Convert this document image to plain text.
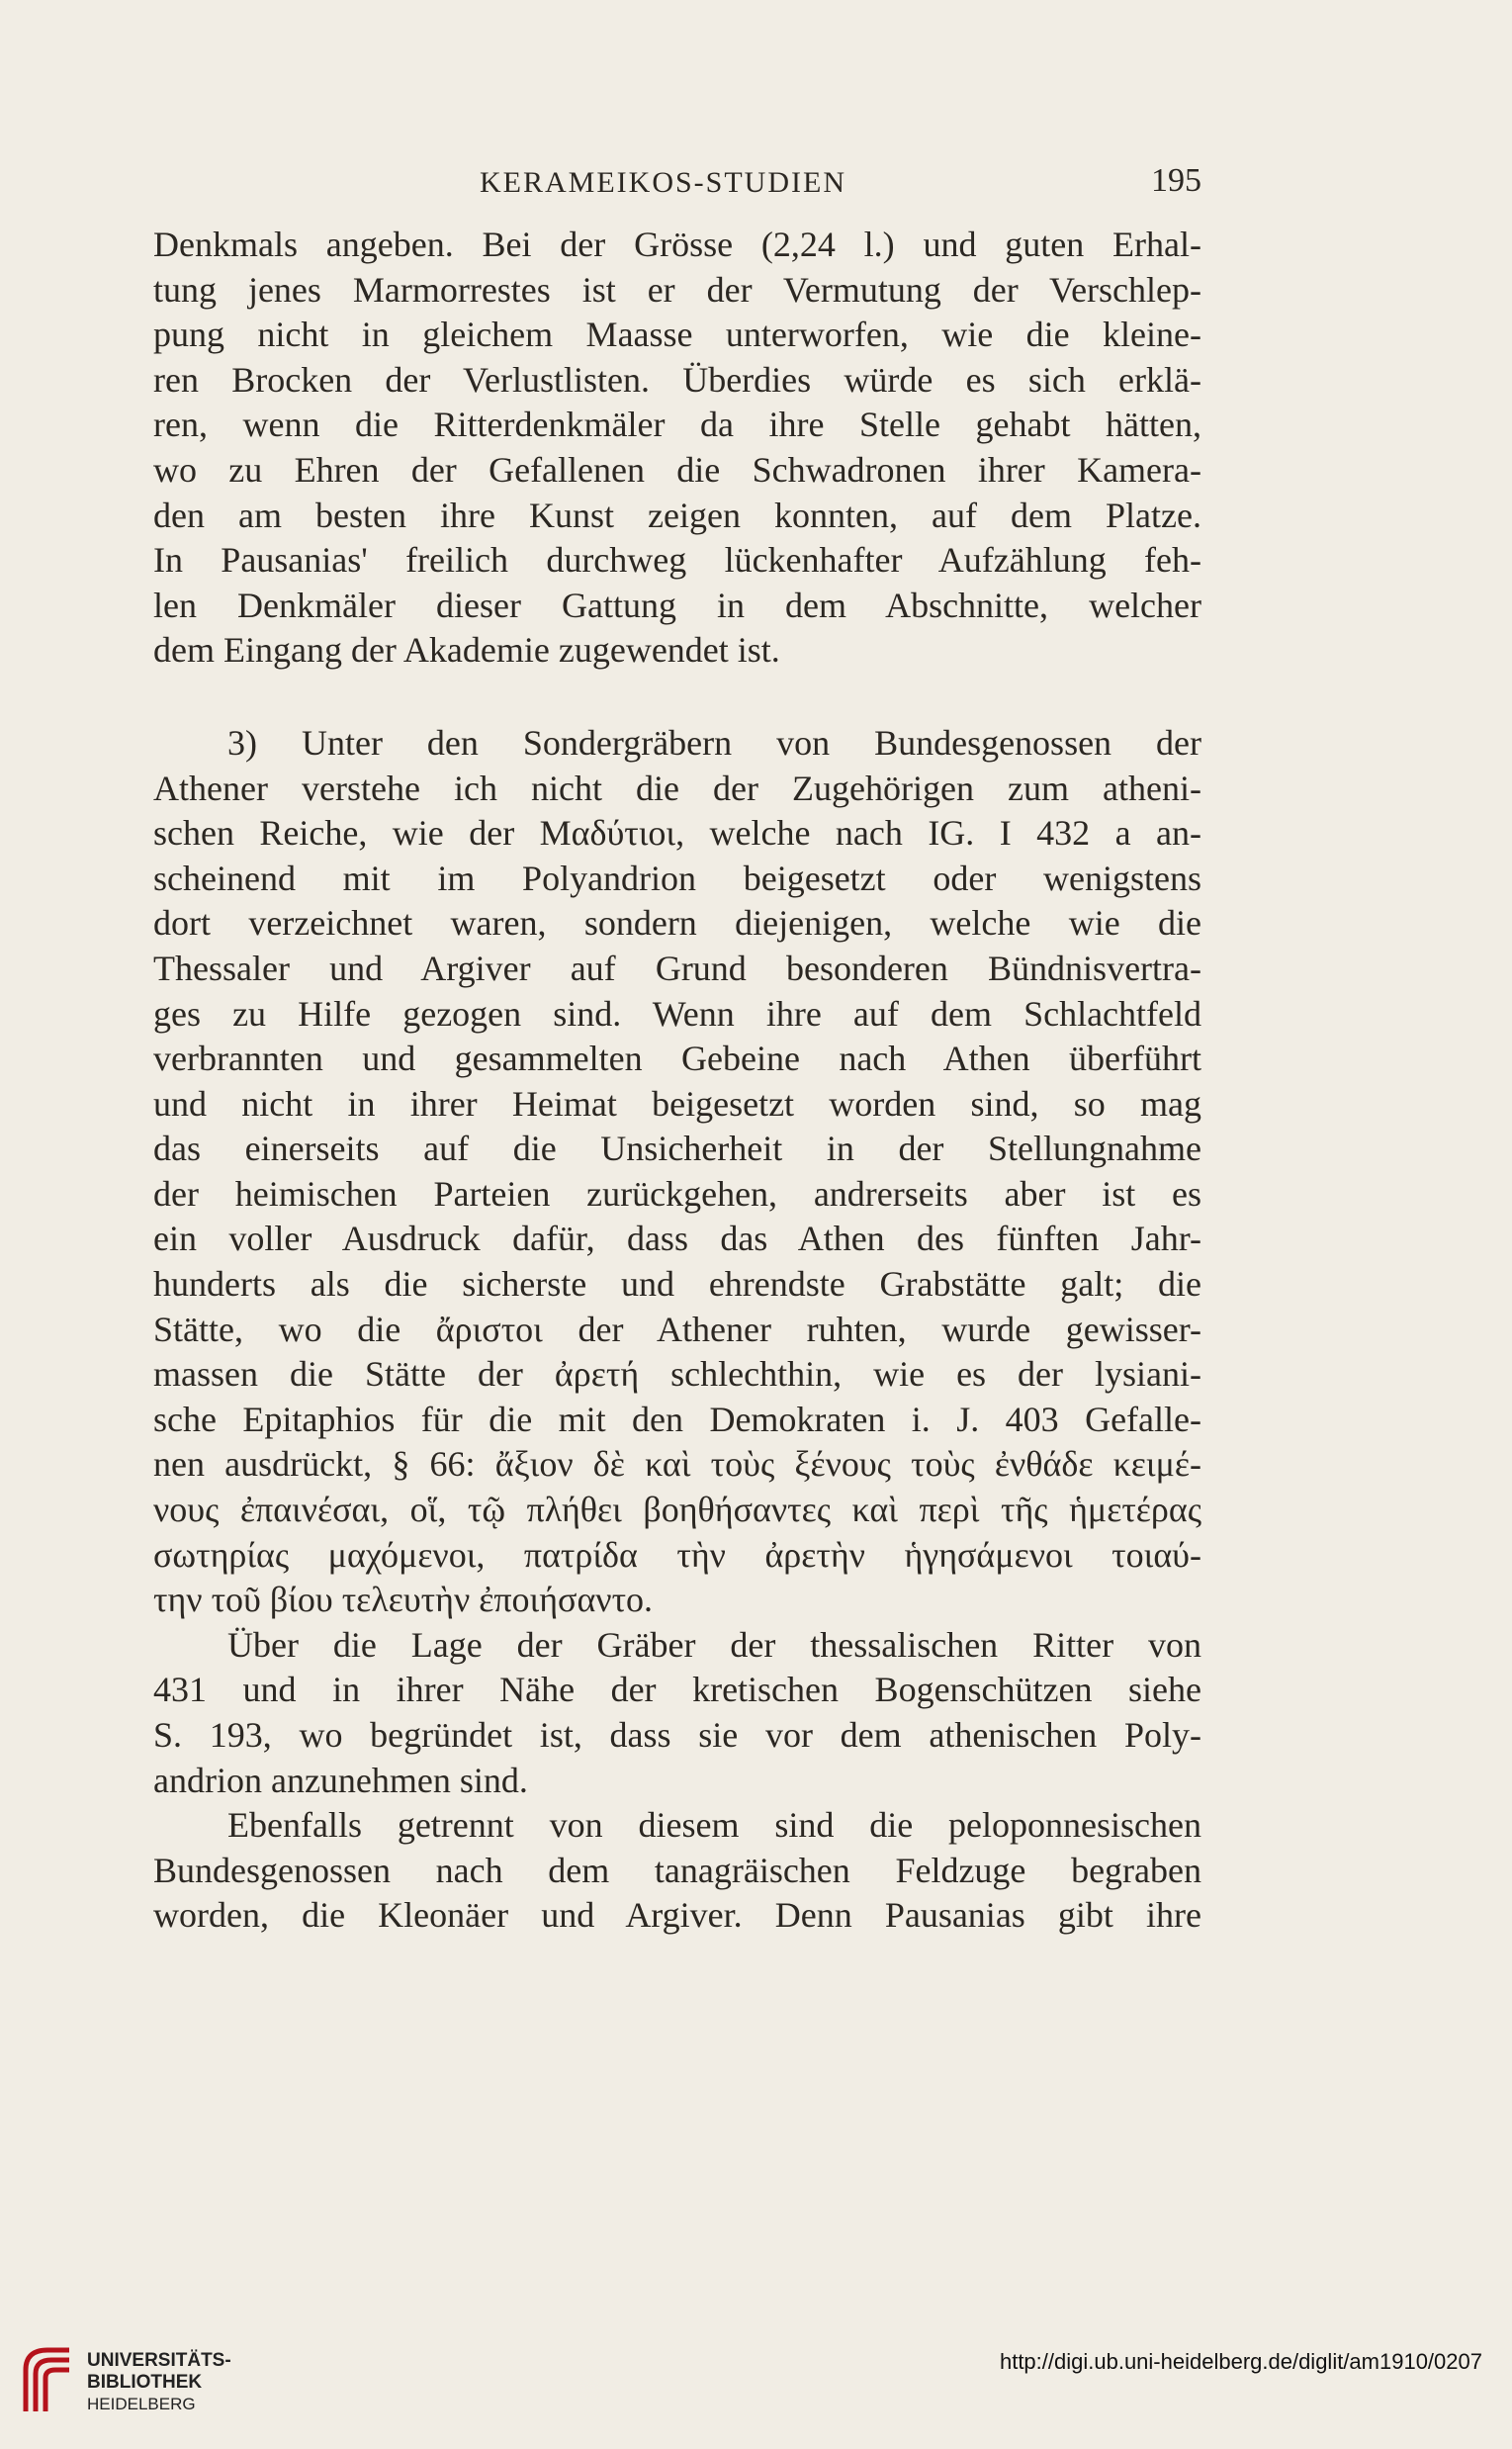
KERAMEIKOS-STUDIEN	195
Denkmals angeben. Bei der Grösse (2,24 l.) und guten Erhal-
tung jenes Marmorrestes ist er der Vermutung der Verschlep-
pung nicht in gleichem Maasse unterworfen, wie die kleine-
ren Brocken der Verlustlisten. Überdies würde es sich erklä-
ren, wenn die Ritterdenkmäler da ihre Stelle gehabt hätten,
wo zu Ehren der Gefallenen die Schwadronen ihrer Kamera-
den am besten ihre Kunst zeigen konnten, auf dem Platze.
In Pausanias' freilich durchweg lückenhafter Aufzählung feh-
len Denkmäler dieser Gattung in dem Abschnitte, welcher
dem Eingang der Akademie zugewendet ist.
3) Unter den Sondergräbern von Bundesgenossen der
Athener verstehe ich nicht die der Zugehörigen zum atheni-
schen Reiche, wie der Μαδύτιοι, welche nach IG. I 432 a an-
scheinend mit im Polyandrion beigesetzt oder wenigstens
dort verzeichnet waren, sondern diejenigen, welche wie die
Thessaler und Argiver auf Grund besonderen Bündnisvertra-
ges zu Hilfe gezogen sind. Wenn ihre auf dem Schlachtfeld
verbrannten und gesammelten Gebeine nach Athen überführt
und nicht in ihrer Heimat beigesetzt worden sind, so mag
das einerseits auf die Unsicherheit in der Stellungnahme
der heimischen Parteien zurückgehen, andrerseits aber ist es
ein voller Ausdruck dafür, dass das Athen des fünften Jahr-
hunderts als die sicherste und ehrendste Grabstätte galt; die
Stätte, wo die ἄριστοι der Athener ruhten, wurde gewisser-
massen die Stätte der ἀρετή schlechthin, wie es der lysiani-
sche Epitaphios für die mit den Demokraten i. J. 403 Gefalle-
nen ausdrückt, § 66: ἄξιον δὲ καὶ τοὺς ξένους τοὺς ἐνθάδε κειμέ-
νους ἐπαινέσαι, οἵ, τῷ πλήθει βοηθήσαντες καὶ περὶ τῆς ἡμετέρας
σωτηρίας μαχόμενοι, πατρίδα τὴν ἀρετὴν ἡγησάμενοι τοιαύ-
την τοῦ βίου τελευτὴν ἐποιήσαντο.
Über die Lage der Gräber der thessalischen Ritter von
431 und in ihrer Nähe der kretischen Bogenschützen siehe
S. 193, wo begründet ist, dass sie vor dem athenischen Poly-
andrion anzunehmen sind.
Ebenfalls getrennt von diesem sind die peloponnesischen
Bundesgenossen nach dem tanagräischen Feldzuge begraben
worden, die Kleonäer und Argiver. Denn Pausanias gibt ihre
UNIVERSITÄTS-
BIBLIOTHEK
HEIDELBERG
http://digi.ub.uni-heidelberg.de/diglit/am1910/0207
